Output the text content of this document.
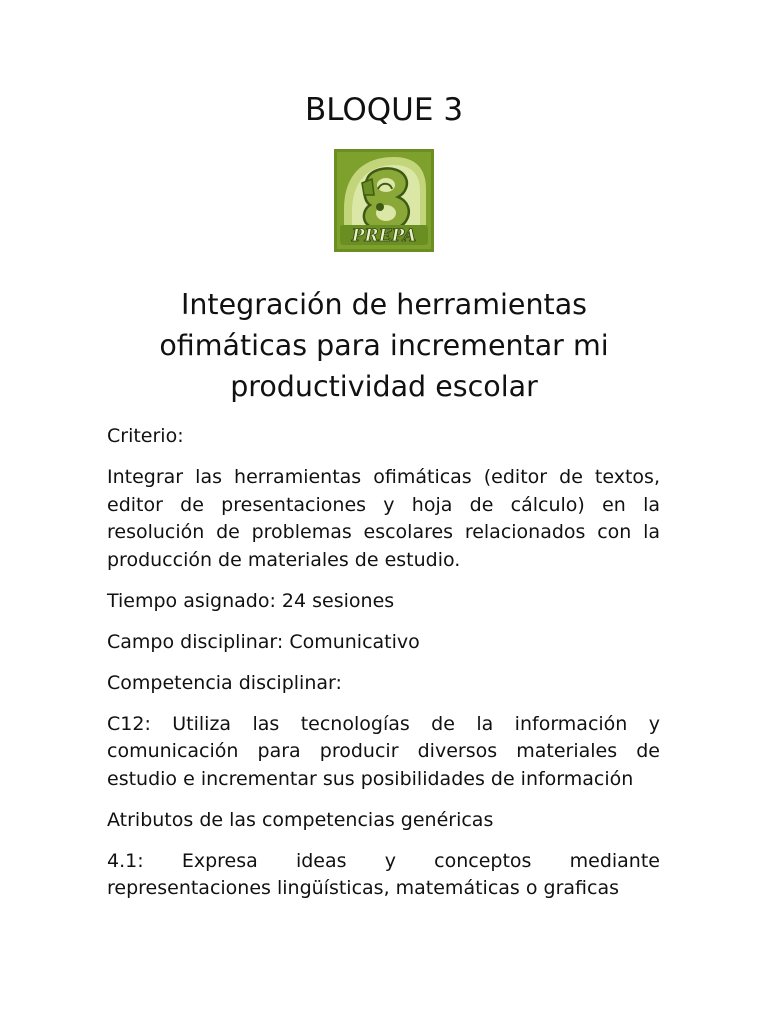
BLOQUE 3
PREPA
Integración de herramientas ofimáticas para incrementar mi productividad escolar

Criterio:

Integrar las herramientas ofimáticas (editor de textos, editor de presentaciones y hoja de cálculo) en la resolución de problemas escolares relacionados con la producción de materiales de estudio.

Tiempo asignado: 24 sesiones

Campo disciplinar: Comunicativo

Competencia disciplinar:

C12: Utiliza las tecnologías de la información y comunicación para producir diversos materiales de estudio e incrementar sus posibilidades de información

Atributos de las competencias genéricas

4.1: Expresa ideas y conceptos mediante representaciones lingüísticas, matemáticas o graficas
